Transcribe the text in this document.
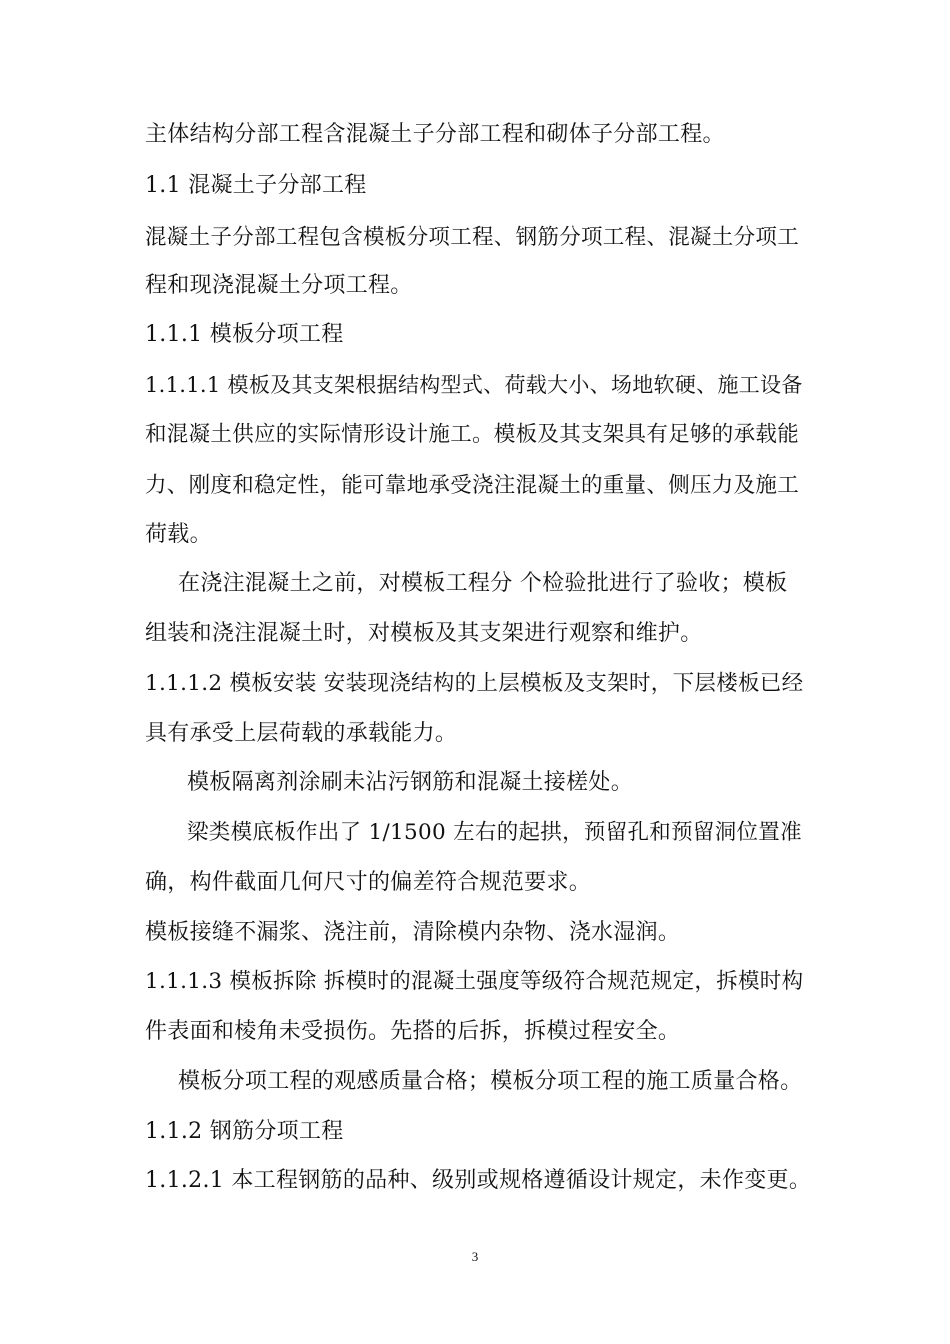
主体结构分部工程含混凝土子分部工程和砌体子分部工程。
1.1 混凝土子分部工程
混凝土子分部工程包含模板分项工程、钢筋分项工程、混凝土分项工
程和现浇混凝土分项工程。
1.1.1 模板分项工程
1.1.1.1 模板及其支架根据结构型式、荷载大小、场地软硬、施工设备
和混凝土供应的实际情形设计施工。模板及其支架具有足够的承载能
力、刚度和稳定性，能可靠地承受浇注混凝土的重量、侧压力及施工
荷载。
在浇注混凝土之前，对模板工程分 个检验批进行了验收；模板
组装和浇注混凝土时，对模板及其支架进行观察和维护。
1.1.1.2 模板安装 安装现浇结构的上层模板及支架时，下层楼板已经
具有承受上层荷载的承载能力。
模板隔离剂涂刷未沾污钢筋和混凝土接槎处。
梁类模底板作出了 1/1500 左右的起拱，预留孔和预留洞位置准
确，构件截面几何尺寸的偏差符合规范要求。
模板接缝不漏浆、浇注前，清除模内杂物、浇水湿润。
1.1.1.3 模板拆除 拆模时的混凝土强度等级符合规范规定，拆模时构
件表面和棱角未受损伤。先搭的后拆，拆模过程安全。
模板分项工程的观感质量合格；模板分项工程的施工质量合格。
1.1.2 钢筋分项工程
1.1.2.1 本工程钢筋的品种、级别或规格遵循设计规定，未作变更。
3
